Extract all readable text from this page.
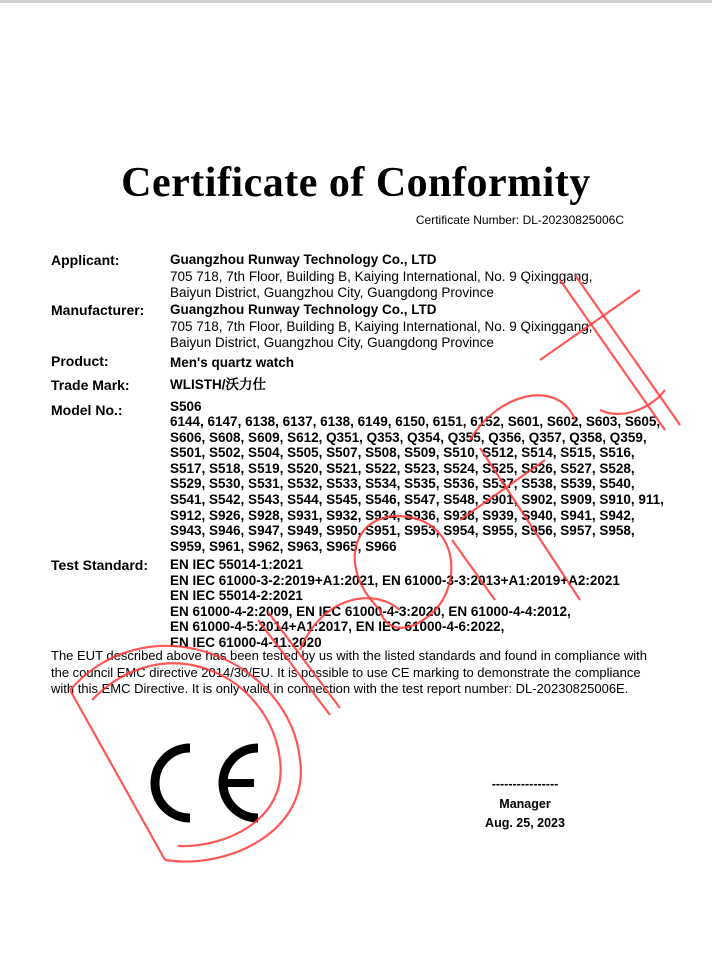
Certificate of Conformity
Certificate Number: DL-20230825006C
Applicant:	Guangzhou Runway Technology Co., LTD
705 718, 7th Floor, Building B, Kaiying International, No. 9 Qixinggang,
Baiyun District, Guangzhou City, Guangdong Province
Manufacturer: Guangzhou Runway Technology Co., LTD
705 718, 7th Floor, Building B, Kaiying International, No. 9 Qixinggang,
Baiyun District, Guangzhou City, Guangdong Province
Product:	Men's quartz watch
Trade Mark:	WLISTH/沃力仕
Model No.:	S506
6144, 6147, 6138, 6137, 6138, 6149, 6150, 6151, 6152, S601, S602, S603, S605, S606, S608, S609, S612, Q351, Q353, Q354, Q355, Q356, Q357, Q358, Q359, S501, S502, S504, S505, S507, S508, S509, S510, S512, S514, S515, S516, S517, S518, S519, S520, S521, S522, S523, S524, S525, S526, S527, S528, S529, S530, S531, S532, S533, S534, S535, S536, S537, S538, S539, S540, S541, S542, S543, S544, S545, S546, S547, S548, S901, S902, S909, S910, 911, S912, S926, S928, S931, S932, S934, S936, S938, S939, S940, S941, S942, S943, S946, S947, S949, S950, S951, S953, S954, S955, S956, S957, S958, S959, S961, S962, S963, S965, S966
Test Standard: EN IEC 55014-1:2021
EN IEC 61000-3-2:2019+A1:2021, EN 61000-3-3:2013+A1:2019+A2:2021
EN IEC 55014-2:2021
EN 61000-4-2:2009, EN IEC 61000-4-3:2020, EN 61000-4-4:2012,
EN 61000-4-5:2014+A1:2017, EN IEC 61000-4-6:2022,
EN IEC 61000-4-11:2020
The EUT described above has been tested by us with the listed standards and found in compliance with
the council EMC directive 2014/30/EU. It is possible to use CE marking to demonstrate the compliance
with this EMC Directive. It is only valid in connection with the test report number: DL-20230825006E.
----------------
Manager
Aug. 25, 2023
